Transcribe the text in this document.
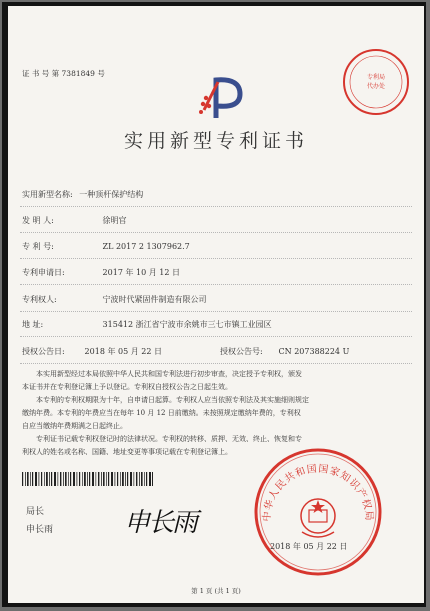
专利局
代办处
证 书 号 第 7381849 号
实用新型专利证书
实用新型名称: 一种顶杆保护结构
发 明 人:	徐明官
专 利 号:	ZL 2017 2 1307962.7
专利申请日:	2017 年 10 月 12 日
专利权人:	宁波时代紧固件制造有限公司
地 址:	315412 浙江省宁波市余姚市三七市镇工业园区
授权公告日: 2018 年 05 月 22 日	授权公告号: CN 207388224 U
本实用新型经过本局依照中华人民共和国专利法进行初步审查，决定授予专利权，颁发
本证书并在专利登记簿上予以登记。专利权自授权公告之日起生效。
本专利的专利权期限为十年，自申请日起算。专利权人应当依照专利法及其实施细则规定
缴纳年费。本专利的年费应当在每年 10 月 12 日前缴纳。未按照规定缴纳年费的，专利权
自应当缴纳年费期满之日起终止。
专利证书记载专利权登记时的法律状况。专利权的转移、质押、无效、终止、恢复和专
利权人的姓名或名称、国籍、地址变更等事项记载在专利登记簿上。
局长
申长雨	申长雨	中华人民共和国国家知识产权局
2018 年 05 月 22 日
第 1 页 (共 1 页)
